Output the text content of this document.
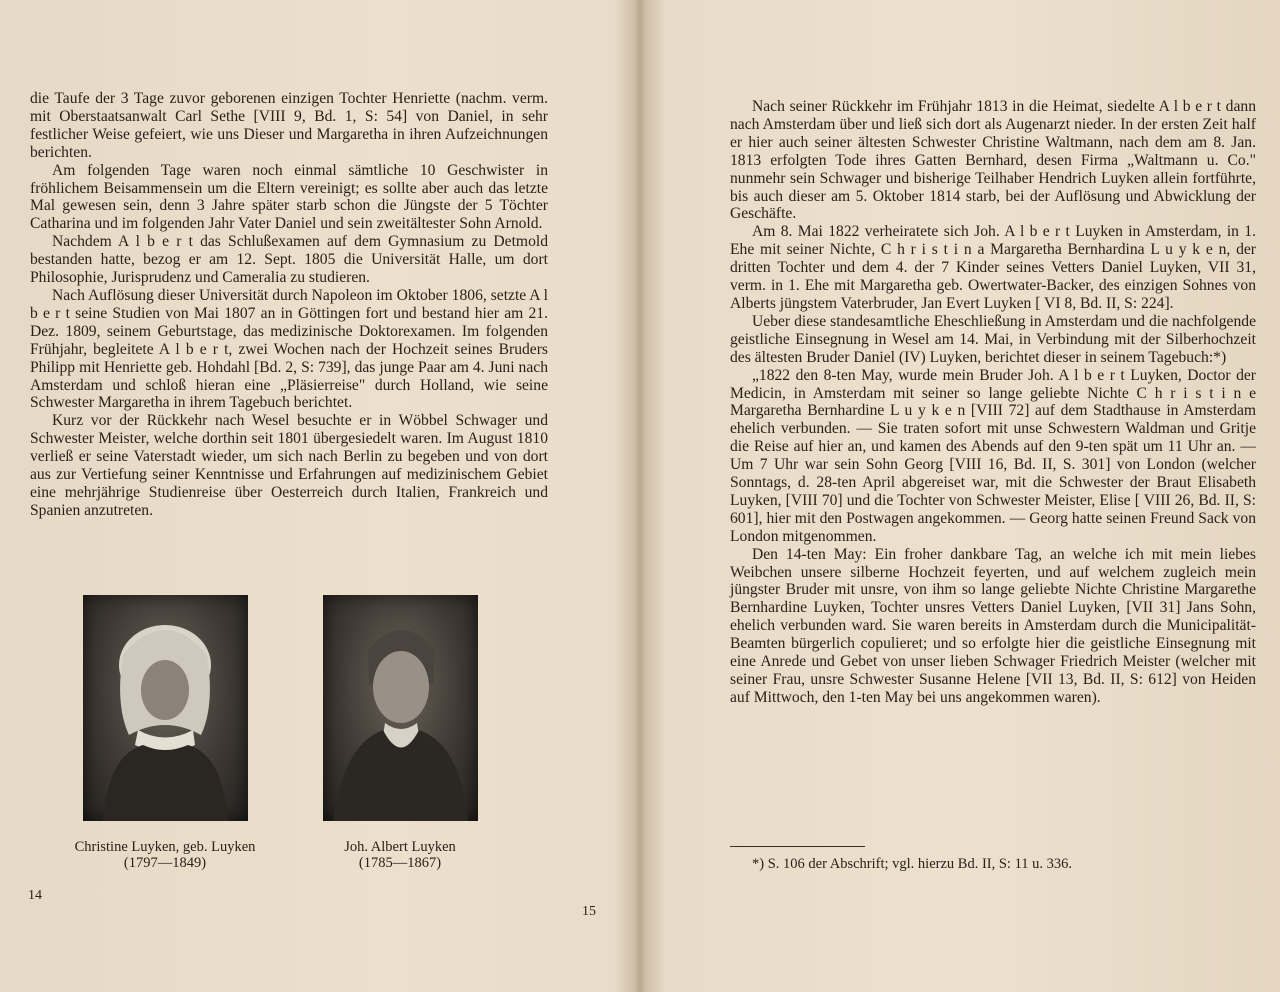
die Taufe der 3 Tage zuvor geborenen einzigen Tochter Henriette (nachm. verm. mit Oberstaatsanwalt Carl Sethe [VIII 9, Bd. 1, S: 54] von Daniel, in sehr festlicher Weise gefeiert, wie uns Dieser und Margaretha in ihren Aufzeichnungen berichten.

Am folgenden Tage waren noch einmal sämtliche 10 Geschwister in fröhlichem Beisammensein um die Eltern vereinigt; es sollte aber auch das letzte Mal gewesen sein, denn 3 Jahre später starb schon die Jüngste der 5 Töchter Catharina und im folgenden Jahr Vater Daniel und sein zweitältester Sohn Arnold.

Nachdem A l b e r t das Schlußexamen auf dem Gymnasium zu Detmold bestanden hatte, bezog er am 12. Sept. 1805 die Universität Halle, um dort Philosophie, Jurisprudenz und Cameralia zu studieren.

Nach Auflösung dieser Universität durch Napoleon im Oktober 1806, setzte A l b e r t seine Studien von Mai 1807 an in Göttingen fort und bestand hier am 21. Dez. 1809, seinem Geburtstage, das medizinische Doktorexamen. Im folgenden Frühjahr, begleitete A l b e r t, zwei Wochen nach der Hochzeit seines Bruders Philipp mit Henriette geb. Hohdahl [Bd. 2, S: 739], das junge Paar am 4. Juni nach Amsterdam und schloß hieran eine „Pläsierreise" durch Holland, wie seine Schwester Margaretha in ihrem Tagebuch berichtet.

Kurz vor der Rückkehr nach Wesel besuchte er in Wöbbel Schwager und Schwester Meister, welche dorthin seit 1801 übergesiedelt waren. Im August 1810 verließ er seine Vaterstadt wieder, um sich nach Berlin zu begeben und von dort aus zur Vertiefung seiner Kenntnisse und Erfahrungen auf medizinischem Gebiet eine mehrjährige Studienreise über Oesterreich durch Italien, Frankreich und Spanien anzutreten.

Christine Luyken, geb. Luyken
(1797—1849)
Joh. Albert Luyken
(1785—1867)
14

Nach seiner Rückkehr im Frühjahr 1813 in die Heimat, siedelte A l b e r t dann nach Amsterdam über und ließ sich dort als Augenarzt nieder. In der ersten Zeit half er hier auch seiner ältesten Schwester Christine Waltmann, nach dem am 8. Jan. 1813 erfolgten Tode ihres Gatten Bernhard, desen Firma „Waltmann u. Co." nunmehr sein Schwager und bisherige Teilhaber Hendrich Luyken allein fortführte, bis auch dieser am 5. Oktober 1814 starb, bei der Auflösung und Abwicklung der Geschäfte.

Am 8. Mai 1822 verheiratete sich Joh. A l b e r t Luyken in Amsterdam, in 1. Ehe mit seiner Nichte, C h r i s t i n a Margaretha Bernhardina L u y k e n, der dritten Tochter und dem 4. der 7 Kinder seines Vetters Daniel Luyken, VII 31, verm. in 1. Ehe mit Margaretha geb. Owertwater-Backer, des einzigen Sohnes von Alberts jüngstem Vaterbruder, Jan Evert Luyken [ VI 8, Bd. II, S: 224].

Ueber diese standesamtliche Eheschließung in Amsterdam und die nachfolgende geistliche Einsegnung in Wesel am 14. Mai, in Verbindung mit der Silberhochzeit des ältesten Bruder Daniel (IV) Luyken, berichtet dieser in seinem Tagebuch:*)

„1822 den 8-ten May, wurde mein Bruder Joh. A l b e r t Luyken, Doctor der Medicin, in Amsterdam mit seiner so lange geliebte Nichte C h r i s t i n e Margaretha Bernhardine L u y k e n [VIII 72] auf dem Stadthause in Amsterdam ehelich verbunden. — Sie traten sofort mit unse Schwestern Waldman und Gritje die Reise auf hier an, und kamen des Abends auf den 9-ten spät um 11 Uhr an. — Um 7 Uhr war sein Sohn Georg [VIII 16, Bd. II, S. 301] von London (welcher Sonntags, d. 28-ten April abgereiset war, mit die Schwester der Braut Elisabeth Luyken, [VIII 70] und die Tochter von Schwester Meister, Elise [ VIII 26, Bd. II, S: 601], hier mit den Postwagen angekommen. — Georg hatte seinen Freund Sack von London mitgenommen.

Den 14-ten May: Ein froher dankbare Tag, an welche ich mit mein liebes Weibchen unsere silberne Hochzeit feyerten, und auf welchem zugleich mein jüngster Bruder mit unsre, von ihm so lange geliebte Nichte Christine Margarethe Bernhardine Luyken, Tochter unsres Vetters Daniel Luyken, [VII 31] Jans Sohn, ehelich verbunden ward. Sie waren bereits in Amsterdam durch die Municipalität-Beamten bürgerlich copulieret; und so erfolgte hier die geistliche Einsegnung mit eine Anrede und Gebet von unser lieben Schwager Friedrich Meister (welcher mit seiner Frau, unsre Schwester Susanne Helene [VII 13, Bd. II, S: 612] von Heiden auf Mittwoch, den 1-ten May bei uns angekommen waren).

*) S. 106 der Abschrift; vgl. hierzu Bd. II, S: 11 u. 336.
15
